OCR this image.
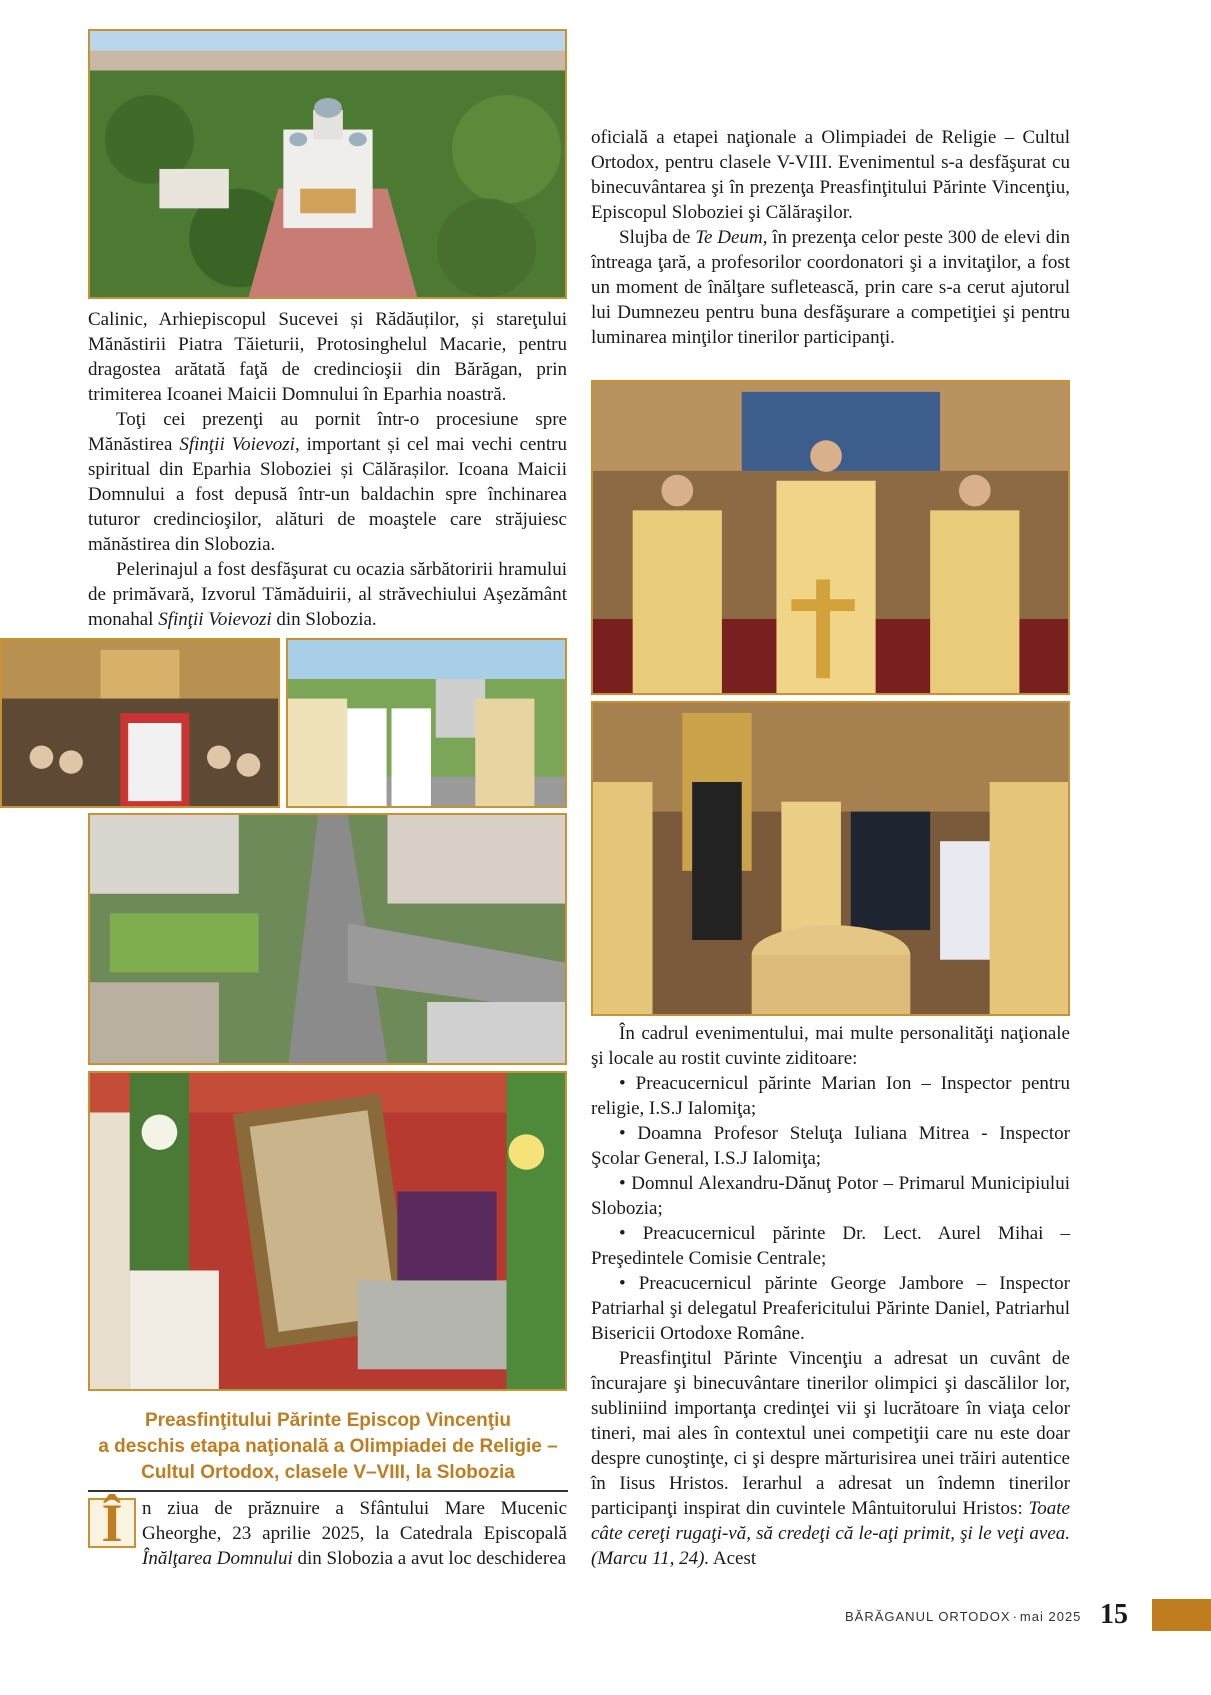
Calinic, Arhiepiscopul Sucevei și Rădăuților, și stareţului Mănăstirii Piatra Tăieturii, Protosinghelul Macarie, pentru dragostea arătată faţă de credincioşii din Bărăgan, prin trimiterea Icoanei Maicii Domnului în Eparhia noastră.

Toţi cei prezenţi au pornit într-o procesiune spre Mănăstirea Sfinţii Voievozi, important și cel mai vechi centru spiritual din Eparhia Sloboziei și Călărașilor. Icoana Maicii Domnului a fost depusă într-un baldachin spre închinarea tuturor credincioşilor, alături de moaştele care străjuiesc mănăstirea din Slobozia.

Pelerinajul a fost desfăşurat cu ocazia sărbătoririi hramului de primăvară, Izvorul Tămăduirii, al străvechiului Aşezământ monahal Sfinţii Voievozi din Slobozia.

Preasfinţitului Părinte Episcop Vincenţiu
a deschis etapa naţională a Olimpiadei de Religie –
Cultul Ortodox, clasele V–VIII, la Slobozia

Î	n ziua de prăznuire a Sfântului Mare Mucenic Gheorghe, 23 aprilie 2025, la Catedrala Episcopală Înălţarea Domnului din Slobozia a avut loc deschiderea

oficială a etapei naţionale a Olimpiadei de Religie – Cultul Ortodox, pentru clasele V-VIII. Evenimentul s-a desfăşurat cu binecuvântarea şi în prezenţa Preasfinţitului Părinte Vincenţiu, Episcopul Sloboziei şi Călăraşilor.

Slujba de Te Deum, în prezenţa celor peste 300 de elevi din întreaga ţară, a profesorilor coordonatori şi a invitaţilor, a fost un moment de înălţare sufletească, prin care s-a cerut ajutorul lui Dumnezeu pentru buna desfăşurare a competiţiei şi pentru luminarea minţilor tinerilor participanţi.

În cadrul evenimentului, mai multe personalităţi naţionale şi locale au rostit cuvinte ziditoare:

• Preacucernicul părinte Marian Ion – Inspector pentru religie, I.S.J Ialomiţa;

• Doamna Profesor Steluţa Iuliana Mitrea - Inspector Şcolar General, I.S.J Ialomiţa;

• Domnul Alexandru-Dănuţ Potor – Primarul Municipiului Slobozia;

• Preacucernicul părinte Dr. Lect. Aurel Mihai – Preşedintele Comisie Centrale;

• Preacucernicul părinte George Jambore – Inspector Patriarhal şi delegatul Preafericitului Părinte Daniel, Patriarhul Bisericii Ortodoxe Române.

Preasfinţitul Părinte Vincenţiu a adresat un cuvânt de încurajare şi binecuvântare tinerilor olimpici şi dascălilor lor, subliniind importanţa credinţei vii şi lucrătoare în viaţa celor tineri, mai ales în contextul unei competiţii care nu este doar despre cunoştinţe, ci şi despre mărturisirea unei trăiri autentice în Iisus Hristos. Ierarhul a adresat un îndemn tinerilor participanţi inspirat din cuvintele Mântuitorului Hristos: Toate câte cereţi rugaţi-vă, să credeţi că le-aţi primit, şi le veţi avea. (Marcu 11, 24). Acest

BĂRĂGANUL ORTODOX · mai 2025 15
